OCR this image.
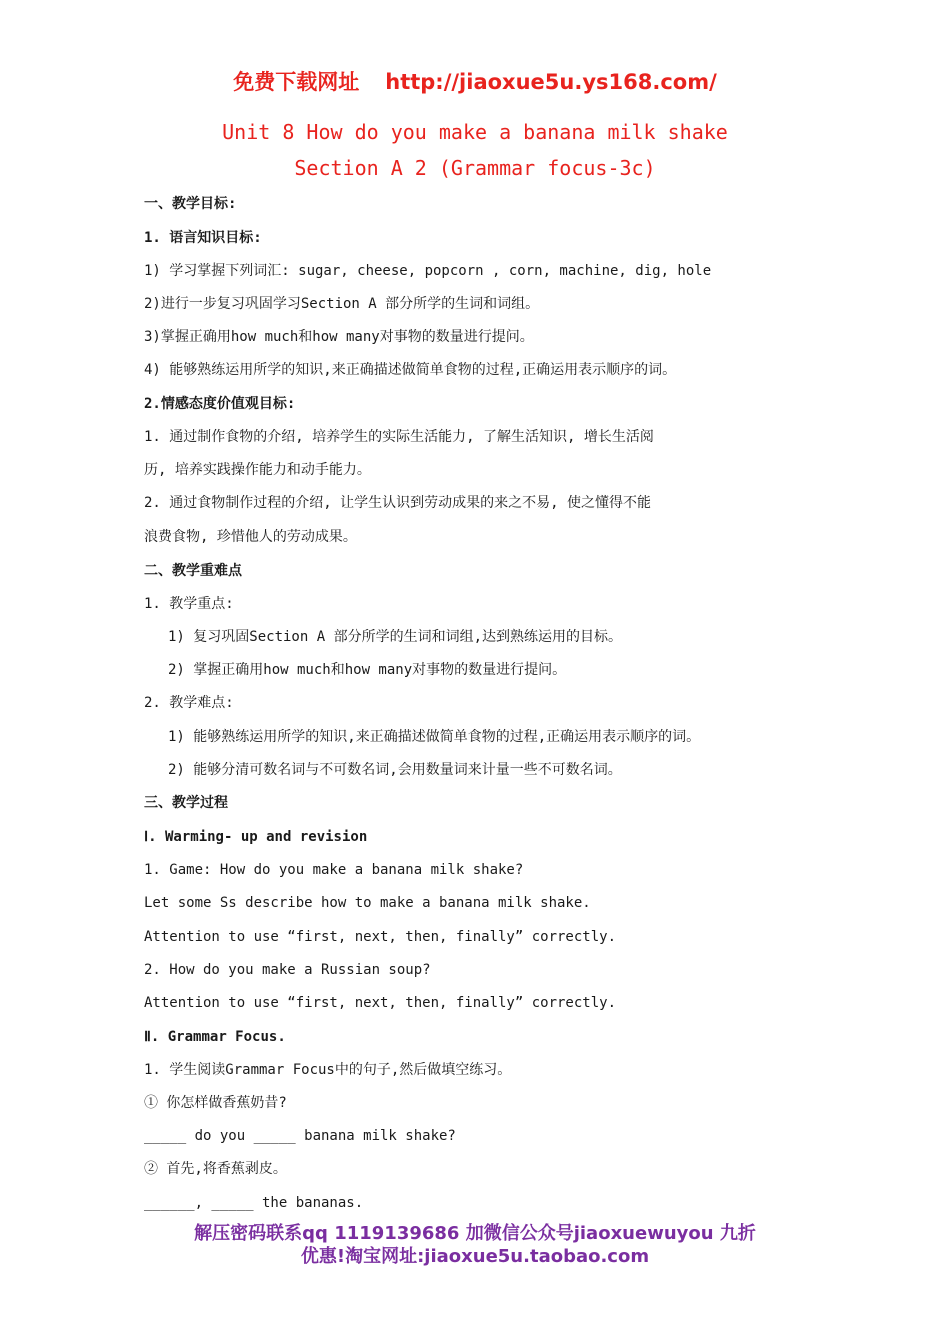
免费下载网址 http://jiaoxue5u.ys168.com/
Unit 8 How do you make a banana milk shake
Section A 2 (Grammar focus-3c)
一、教学目标:
1. 语言知识目标:
1) 学习掌握下列词汇: sugar, cheese, popcorn , corn, machine, dig, hole
2)进行一步复习巩固学习Section A 部分所学的生词和词组。
3)掌握正确用how much和how many对事物的数量进行提问。
4) 能够熟练运用所学的知识,来正确描述做简单食物的过程,正确运用表示顺序的词。
2.情感态度价值观目标:
1. 通过制作食物的介绍, 培养学生的实际生活能力, 了解生活知识, 增长生活阅
历, 培养实践操作能力和动手能力。
2. 通过食物制作过程的介绍, 让学生认识到劳动成果的来之不易, 使之懂得不能
浪费食物, 珍惜他人的劳动成果。
二、教学重难点
1. 教学重点:
1) 复习巩固Section A 部分所学的生词和词组,达到熟练运用的目标。
2) 掌握正确用how much和how many对事物的数量进行提问。
2. 教学难点:
1) 能够熟练运用所学的知识,来正确描述做简单食物的过程,正确运用表示顺序的词。
2) 能够分清可数名词与不可数名词,会用数量词来计量一些不可数名词。
三、教学过程
Ⅰ. Warming- up and revision
1. Game: How do you make a banana milk shake?
Let some Ss describe how to make a banana milk shake.
Attention to use “first, next, then, finally” correctly.
2. How do you make a Russian soup?
Attention to use “first, next, then, finally” correctly.
Ⅱ. Grammar Focus.
1. 学生阅读Grammar Focus中的句子,然后做填空练习。
① 你怎样做香蕉奶昔?
_____ do you _____ banana milk shake?
② 首先,将香蕉剥皮。
______, _____ the bananas.
解压密码联系qq 1119139686 加微信公众号jiaoxuewuyou 九折
优惠!淘宝网址:jiaoxue5u.taobao.com
